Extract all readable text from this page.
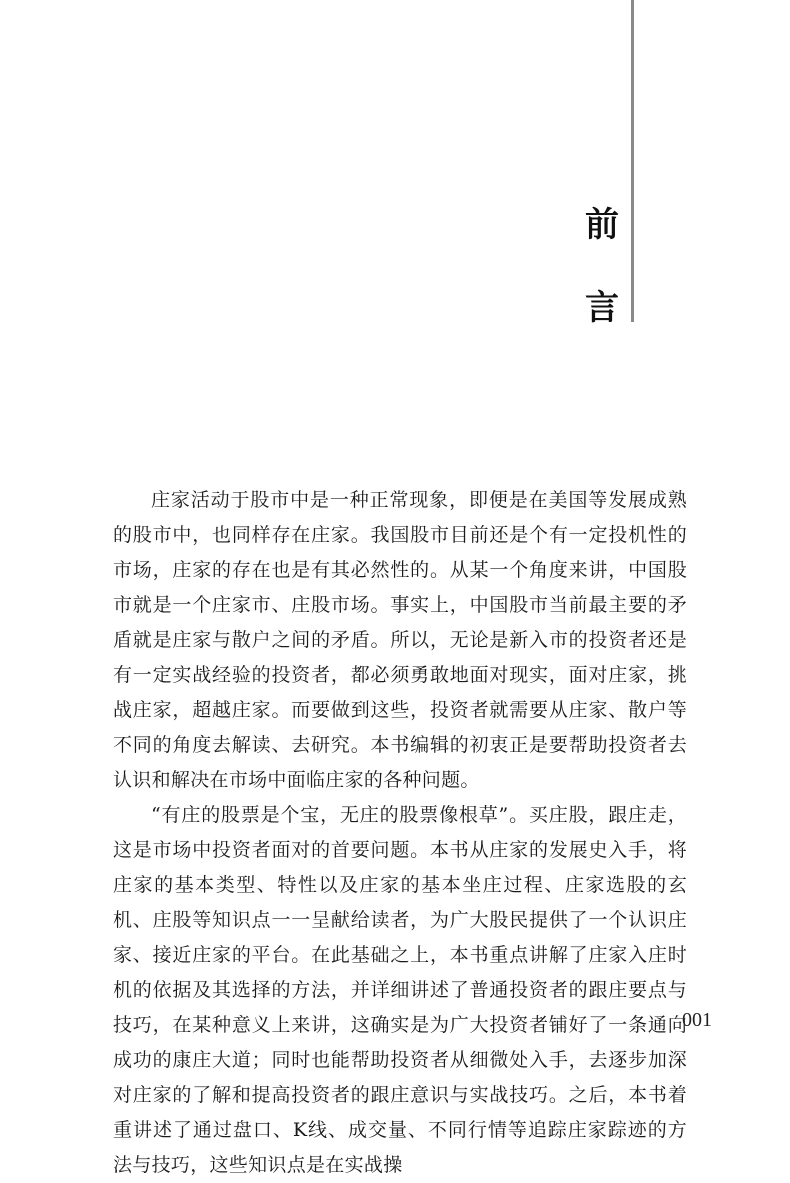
前
言

庄家活动于股市中是一种正常现象，即便是在美国等发展成熟的股市中，也同样存在庄家。我国股市目前还是个有一定投机性的市场，庄家的存在也是有其必然性的。从某一个角度来讲，中国股市就是一个庄家市、庄股市场。事实上，中国股市当前最主要的矛盾就是庄家与散户之间的矛盾。所以，无论是新入市的投资者还是有一定实战经验的投资者，都必须勇敢地面对现实，面对庄家，挑战庄家，超越庄家。而要做到这些，投资者就需要从庄家、散户等不同的角度去解读、去研究。本书编辑的初衷正是要帮助投资者去认识和解决在市场中面临庄家的各种问题。

“有庄的股票是个宝，无庄的股票像根草”。买庄股，跟庄走，这是市场中投资者面对的首要问题。本书从庄家的发展史入手，将庄家的基本类型、特性以及庄家的基本坐庄过程、庄家选股的玄机、庄股等知识点一一呈献给读者，为广大股民提供了一个认识庄家、接近庄家的平台。在此基础之上，本书重点讲解了庄家入庄时机的依据及其选择的方法，并详细讲述了普通投资者的跟庄要点与技巧，在某种意义上来讲，这确实是为广大投资者铺好了一条通向成功的康庄大道；同时也能帮助投资者从细微处入手，去逐步加深对庄家的了解和提高投资者的跟庄意识与实战技巧。之后，本书着重讲述了通过盘口、K线、成交量、不同行情等追踪庄家踪迹的方法与技巧，这些知识点是在实战操

001
